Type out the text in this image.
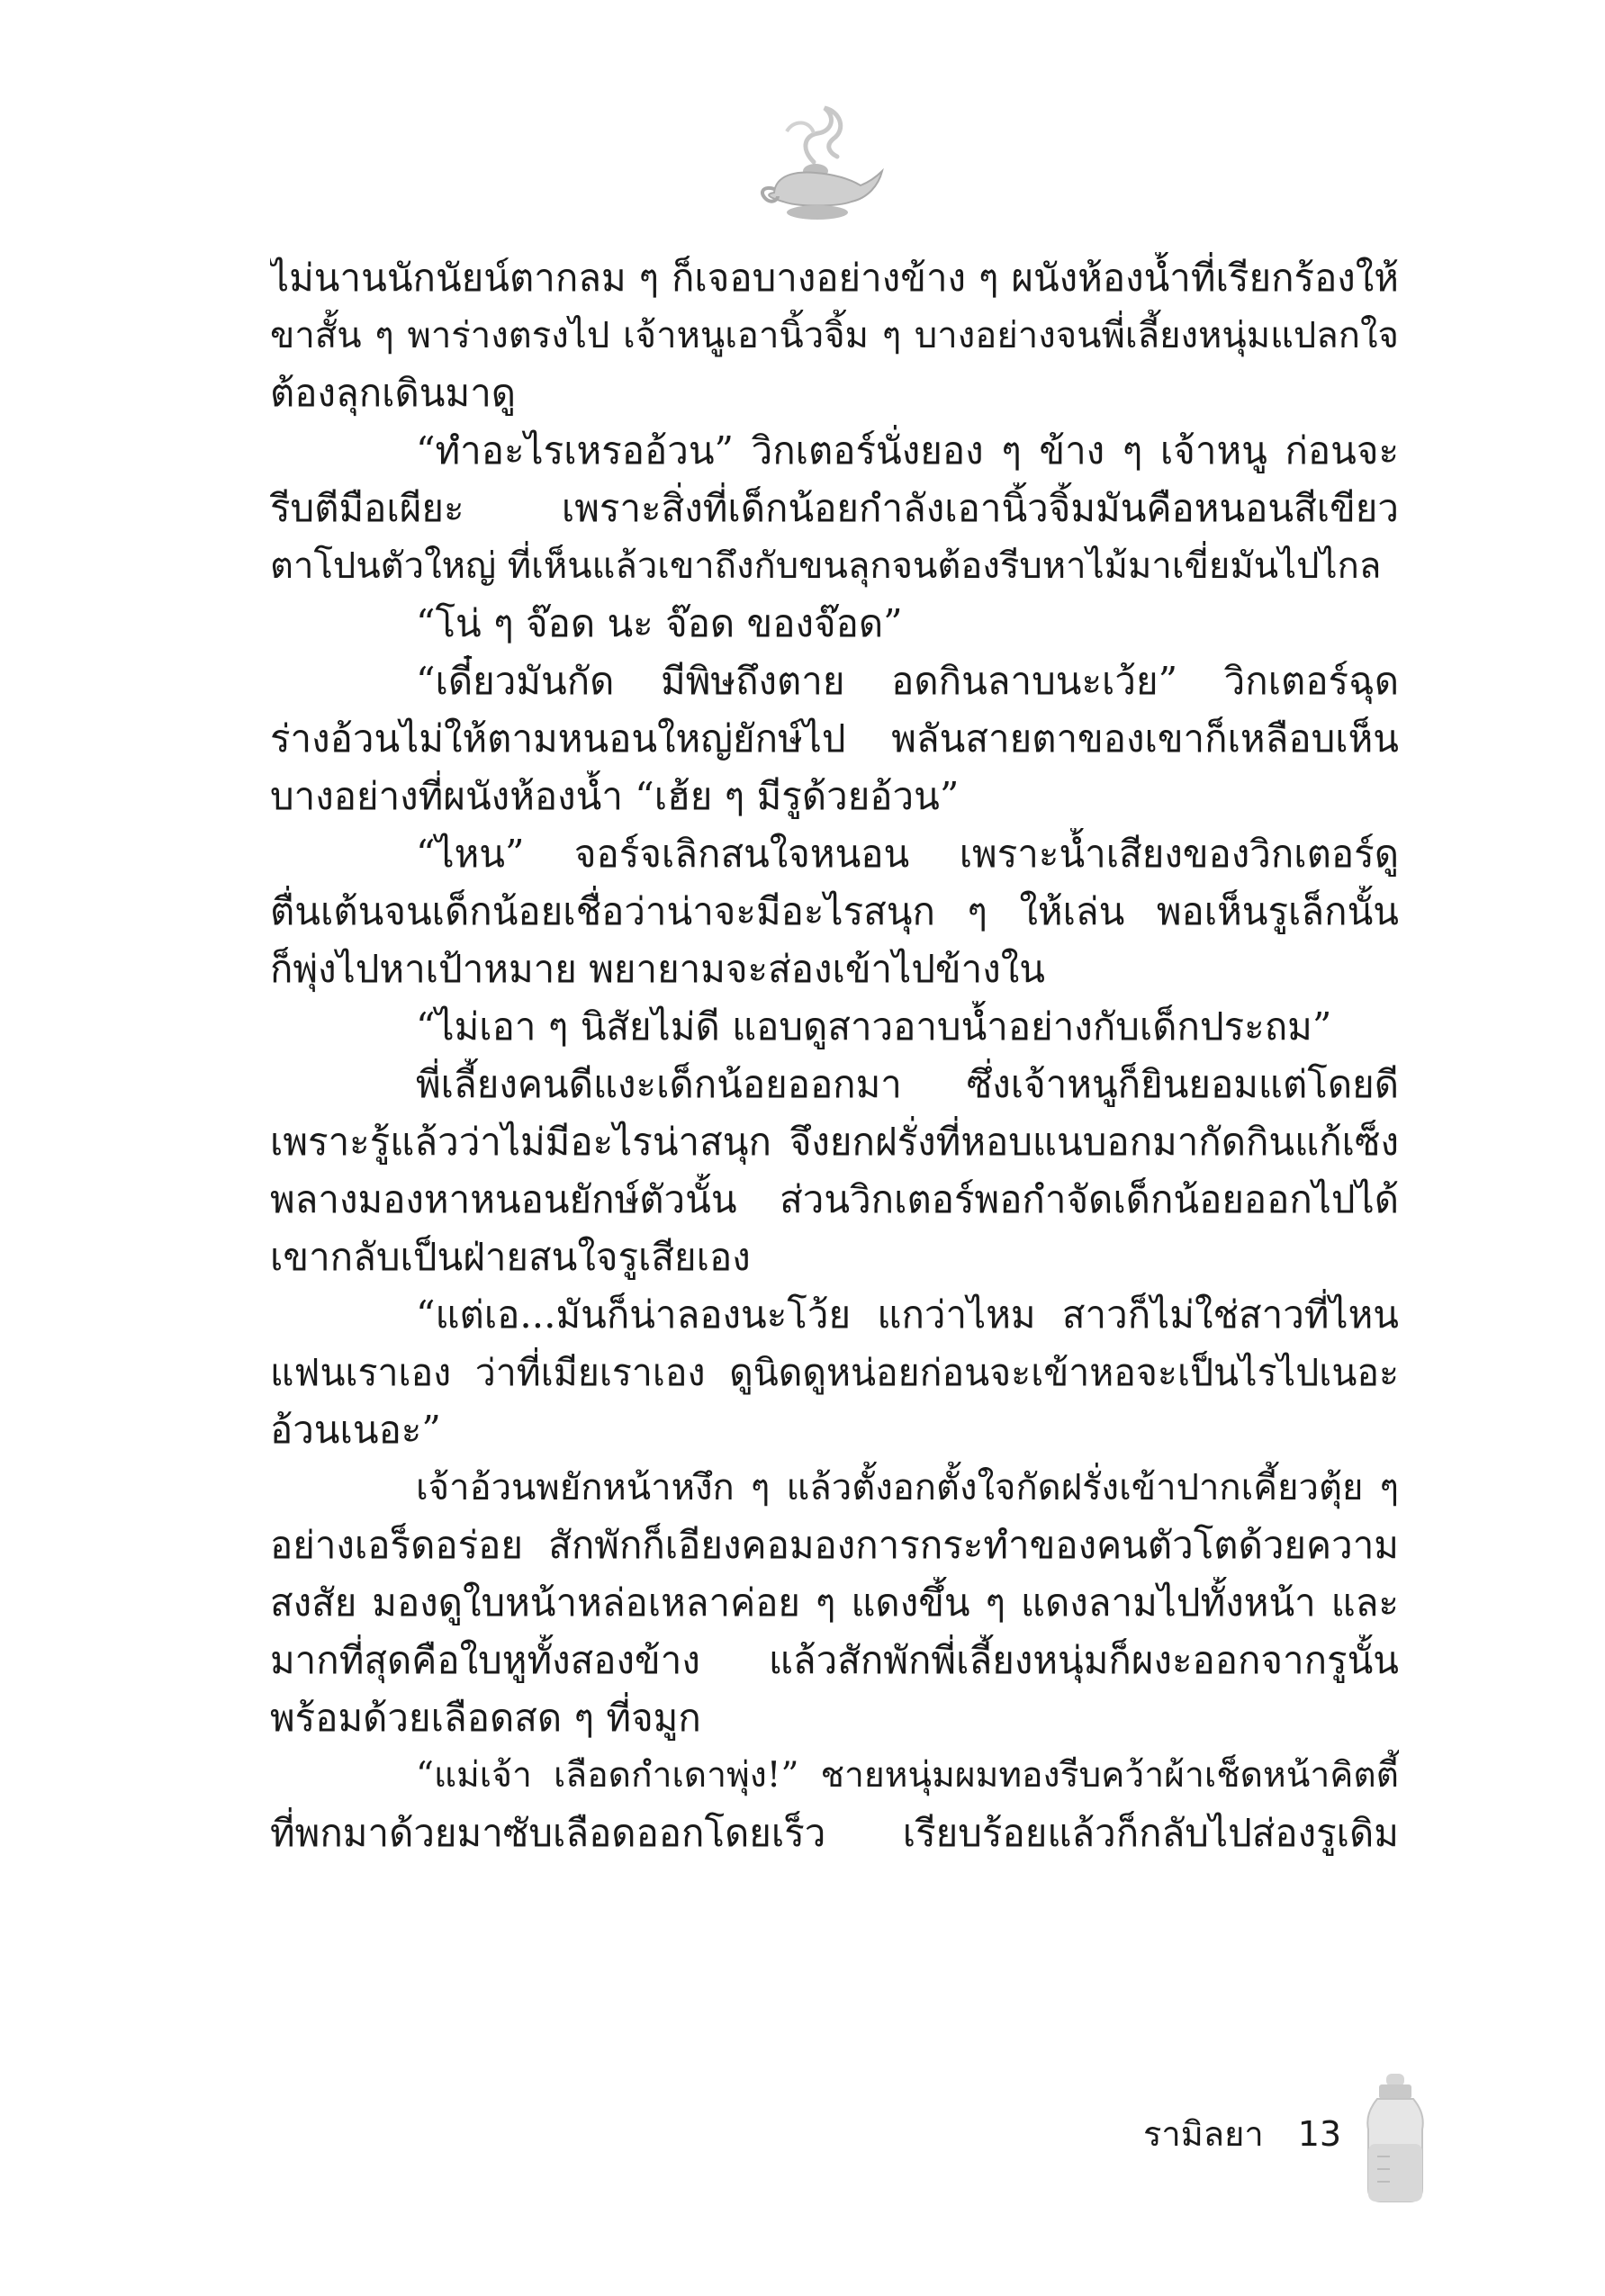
ไม่นานนักนัยน์ตากลม ๆ ก็เจอบางอย่างข้าง ๆ ผนังห้องน้ำที่เรียกร้องให้
ขาสั้น ๆ พาร่างตรงไป เจ้าหนูเอานิ้วจิ้ม ๆ บางอย่างจนพี่เลี้ยงหนุ่มแปลกใจ
ต้องลุกเดินมาดู
“ทำอะไรเหรออ้วน” วิกเตอร์นั่งยอง ๆ ข้าง ๆ เจ้าหนู ก่อนจะ
รีบตีมือเผียะ เพราะสิ่งที่เด็กน้อยกำลังเอานิ้วจิ้มมันคือหนอนสีเขียว
ตาโปนตัวใหญ่ ที่เห็นแล้วเขาถึงกับขนลุกจนต้องรีบหาไม้มาเขี่ยมันไปไกล
“โน่ ๆ จ๊อด นะ จ๊อด ของจ๊อด”
“เดี๋ยวมันกัด มีพิษถึงตาย อดกินลาบนะเว้ย” วิกเตอร์ฉุด
ร่างอ้วนไม่ให้ตามหนอนใหญ่ยักษ์ไป พลันสายตาของเขาก็เหลือบเห็น
บางอย่างที่ผนังห้องน้ำ “เฮ้ย ๆ มีรูด้วยอ้วน”
“ไหน” จอร์จเลิกสนใจหนอน เพราะน้ำเสียงของวิกเตอร์ดู
ตื่นเต้นจนเด็กน้อยเชื่อว่าน่าจะมีอะไรสนุก ๆ ให้เล่น พอเห็นรูเล็กนั้น
ก็พุ่งไปหาเป้าหมาย พยายามจะส่องเข้าไปข้างใน
“ไม่เอา ๆ นิสัยไม่ดี แอบดูสาวอาบน้ำอย่างกับเด็กประถม”
พี่เลี้ยงคนดีแงะเด็กน้อยออกมา ซึ่งเจ้าหนูก็ยินยอมแต่โดยดี
เพราะรู้แล้วว่าไม่มีอะไรน่าสนุก จึงยกฝรั่งที่หอบแนบอกมากัดกินแก้เซ็ง
พลางมองหาหนอนยักษ์ตัวนั้น ส่วนวิกเตอร์พอกำจัดเด็กน้อยออกไปได้
เขากลับเป็นฝ่ายสนใจรูเสียเอง
“แต่เอ...มันก็น่าลองนะโว้ย แกว่าไหม สาวก็ไม่ใช่สาวที่ไหน
แฟนเราเอง ว่าที่เมียเราเอง ดูนิดดูหน่อยก่อนจะเข้าหอจะเป็นไรไปเนอะ
อ้วนเนอะ”
เจ้าอ้วนพยักหน้าหงึก ๆ แล้วตั้งอกตั้งใจกัดฝรั่งเข้าปากเคี้ยวตุ้ย ๆ
อย่างเอร็ดอร่อย สักพักก็เอียงคอมองการกระทำของคนตัวโตด้วยความ
สงสัย มองดูใบหน้าหล่อเหลาค่อย ๆ แดงขึ้น ๆ แดงลามไปทั้งหน้า และ
มากที่สุดคือใบหูทั้งสองข้าง แล้วสักพักพี่เลี้ยงหนุ่มก็ผงะออกจากรูนั้น
พร้อมด้วยเลือดสด ๆ ที่จมูก
“แม่เจ้า เลือดกำเดาพุ่ง!” ชายหนุ่มผมทองรีบคว้าผ้าเช็ดหน้าคิตตี้
ที่พกมาด้วยมาซับเลือดออกโดยเร็ว เรียบร้อยแล้วก็กลับไปส่องรูเดิม
รามิลยา 13
